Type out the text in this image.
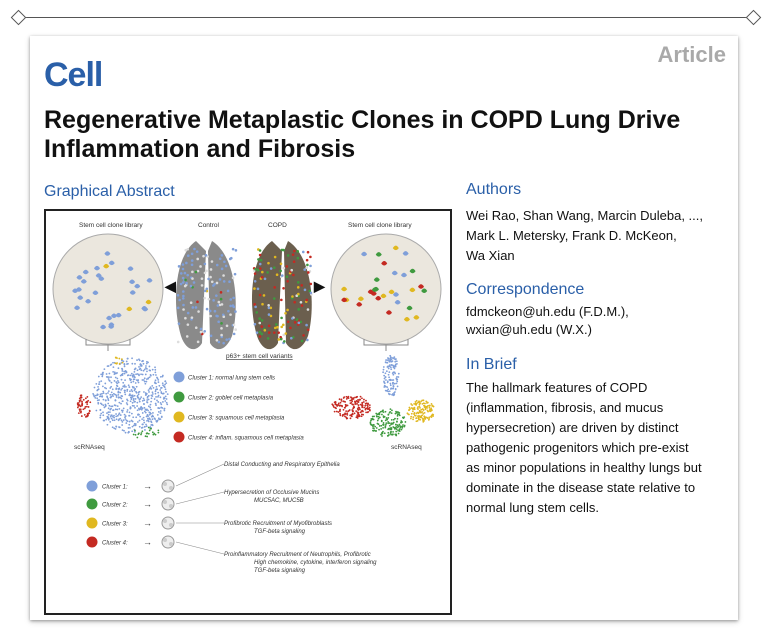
Article
Cell
Regenerative Metaplastic Clones in COPD Lung Drive Inflammation and Fibrosis
Graphical Abstract
Stem cell clone library	Control	COPD	Stem cell clone library
◀	▶
p63+ stem cell variants
scRNAseq	scRNAseq
Cluster 1: normal lung stem cells
Cluster 2: goblet cell metaplasia
Cluster 3: squamous cell metaplasia
Cluster 4: inflam. squamous cell metaplasia
Cluster 1: →
Distal Conducting and Respiratory Epithelia
Cluster 2: →
Hypersecretion of Occlusive Mucins
MUC5AC, MUC5B
Cluster 3: →	Profibrotic Recruitment of Myofibroblasts
TGF-beta signaling
Cluster 4: →
Proinflammatory Recruitment of Neutrophils, Profibrotic
High chemokine, cytokine, interferon signaling
TGF-beta signaling
Authors
Wei Rao, Shan Wang, Marcin Duleba, ...,
Mark L. Metersky, Frank D. McKeon,
Wa Xian
Correspondence
fdmckeon@uh.edu (F.D.M.),
wxian@uh.edu (W.X.)
In Brief
The hallmark features of COPD
(inflammation, fibrosis, and mucus
hypersecretion) are driven by distinct
pathogenic progenitors which pre-exist
as minor populations in healthy lungs but
dominate in the disease state relative to
normal lung stem cells.
